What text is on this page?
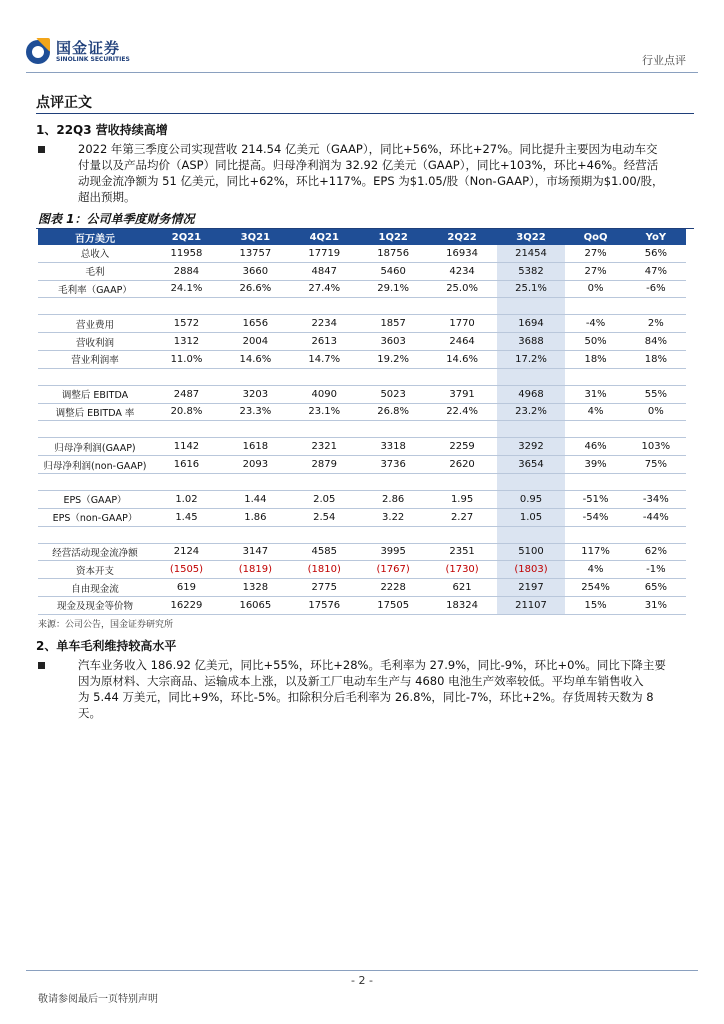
国金证券
SINOLINK SECURITIES	行业点评
点评正文
1、22Q3 营收持续高增
2022 年第三季度公司实现营收 214.54 亿美元（GAAP），同比+56%，环比+27%。同比提升主要因为电动车交
付量以及产品均价（ASP）同比提高。归母净利润为 32.92 亿美元（GAAP），同比+103%，环比+46%。经营活
动现金流净额为 51 亿美元，同比+62%，环比+117%。EPS 为$1.05/股（Non-GAAP），市场预期为$1.00/股，
超出预期。
图表 1：公司单季度财务情况
百万美元	2Q21	3Q21	4Q21	1Q22	2Q22	3Q22	QoQ	YoY
总收入	11958	13757	17719	18756	16934	21454	27%	56%
毛利	2884	3660	4847	5460	4234	5382	27%	47%
毛利率（GAAP）	24.1%	26.6%	27.4%	29.1%	25.0%	25.1%	0%	-6%

营业费用	1572	1656	2234	1857	1770	1694	-4%	2%
营收利润	1312	2004	2613	3603	2464	3688	50%	84%
营业利润率	11.0%	14.6%	14.7%	19.2%	14.6%	17.2%	18%	18%

调整后 EBITDA	2487	3203	4090	5023	3791	4968	31%	55%
调整后 EBITDA 率	20.8%	23.3%	23.1%	26.8%	22.4%	23.2%	4%	0%

归母净利润(GAAP)	1142	1618	2321	3318	2259	3292	46%	103%
归母净利润(non-GAAP)	1616	2093	2879	3736	2620	3654	39%	75%

EPS（GAAP）	1.02	1.44	2.05	2.86	1.95	0.95	-51%	-34%
EPS（non-GAAP）	1.45	1.86	2.54	3.22	2.27	1.05	-54%	-44%

经营活动现金流净额	2124	3147	4585	3995	2351	5100	117%	62%
资本开支	(1505)	(1819)	(1810)	(1767)	(1730)	(1803)	4%	-1%
自由现金流	619	1328	2775	2228	621	2197	254%	65%
现金及现金等价物	16229	16065	17576	17505	18324	21107	15%	31%
来源：公司公告，国金证券研究所
2、单车毛利维持较高水平
汽车业务收入 186.92 亿美元，同比+55%，环比+28%。毛利率为 27.9%，同比-9%，环比+0%。同比下降主要
因为原材料、大宗商品、运输成本上涨，以及新工厂电动车生产与 4680 电池生产效率较低。平均单车销售收入
为 5.44 万美元，同比+9%，环比-5%。扣除积分后毛利率为 26.8%，同比-7%，环比+2%。存货周转天数为 8
天。
- 2 -
敬请参阅最后一页特别声明
